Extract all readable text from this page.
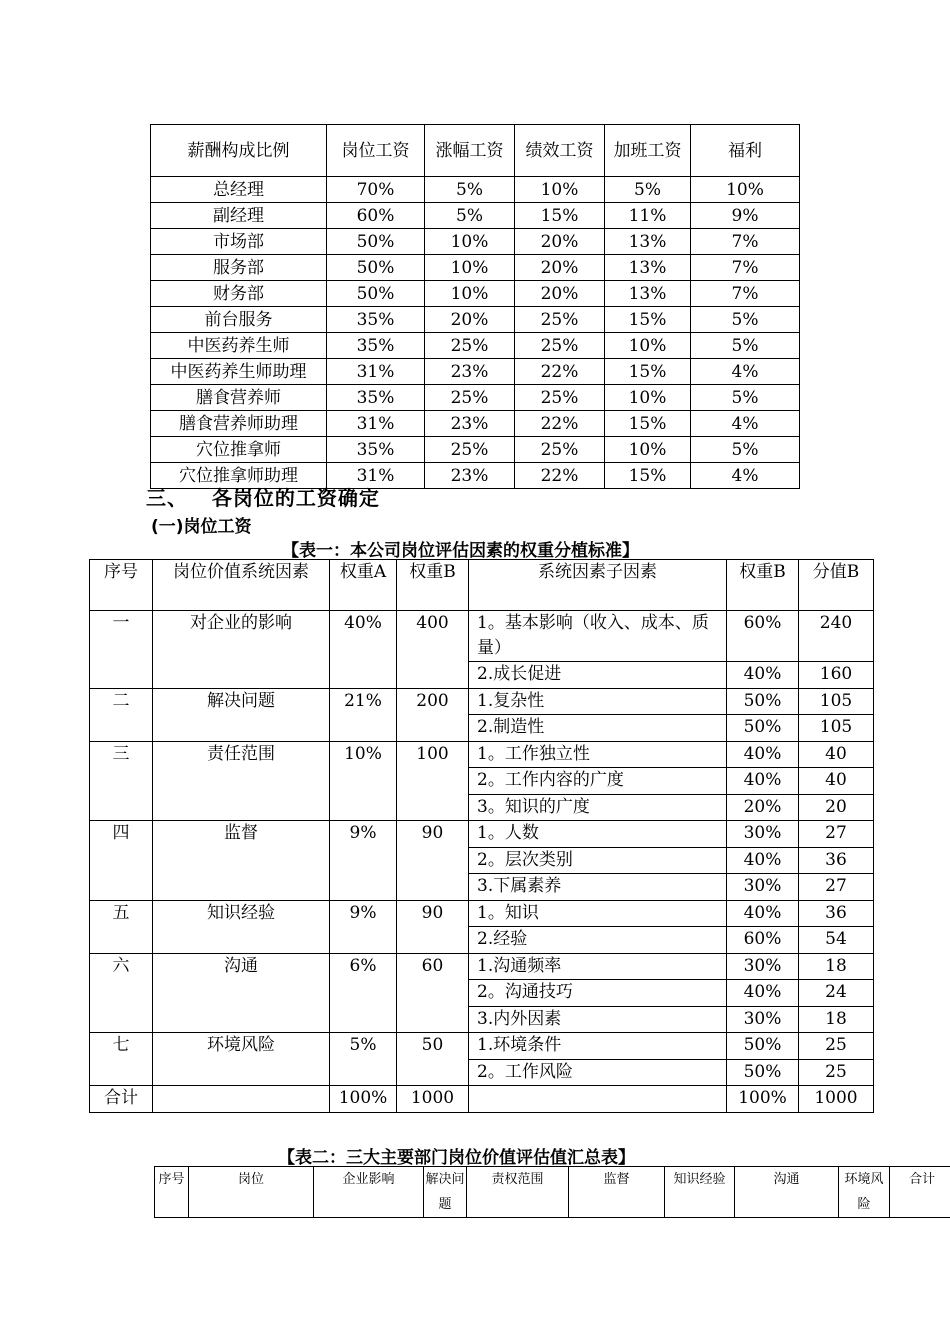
薪酬构成比例	岗位工资	涨幅工资	绩效工资	加班工资	福利
总经理	70%	5%	10%	5%	10%
副经理	60%	5%	15%	11%	9%
市场部	50%	10%	20%	13%	7%
服务部	50%	10%	20%	13%	7%
财务部	50%	10%	20%	13%	7%
前台服务	35%	20%	25%	15%	5%
中医药养生师	35%	25%	25%	10%	5%
中医药养生师助理	31%	23%	22%	15%	4%
膳食营养师	35%	25%	25%	10%	5%
膳食营养师助理	31%	23%	22%	15%	4%
穴位推拿师	35%	25%	25%	10%	5%
穴位推拿师助理	31%	23%	22%	15%	4%
三、   各岗位的工资确定
(一)岗位工资
【表一：本公司岗位评估因素的权重分植标准】
序号	岗位价值系统因素	权重A	权重B	系统因素子因素	权重B	分值B
一	对企业的影响	40%	400	1。基本影响（收入、成本、质量）	60%	240
				2.成长促进	40%	160
二	解决问题	21%	200	1.复杂性	50%	105
				2.制造性	50%	105
三	责任范围	10%	100	1。工作独立性	40%	40
				2。工作内容的广度	40%	40
				3。知识的广度	20%	20
四	监督	9%	90	1。人数	30%	27
				2。层次类别	40%	36
				3.下属素养	30%	27
五	知识经验	9%	90	1。知识	40%	36
				2.经验	60%	54
六	沟通	6%	60	1.沟通频率	30%	18
				2。沟通技巧	40%	24
				3.内外因素	30%	18
七	环境风险	5%	50	1.环境条件	50%	25
				2。工作风险	50%	25
合计		100%	1000		100%	1000
【表二：三大主要部门岗位价值评估值汇总表】
序号	岗位	企业影响	解决问题	责权范围	监督	知识经验	沟通	环境风险	合计
